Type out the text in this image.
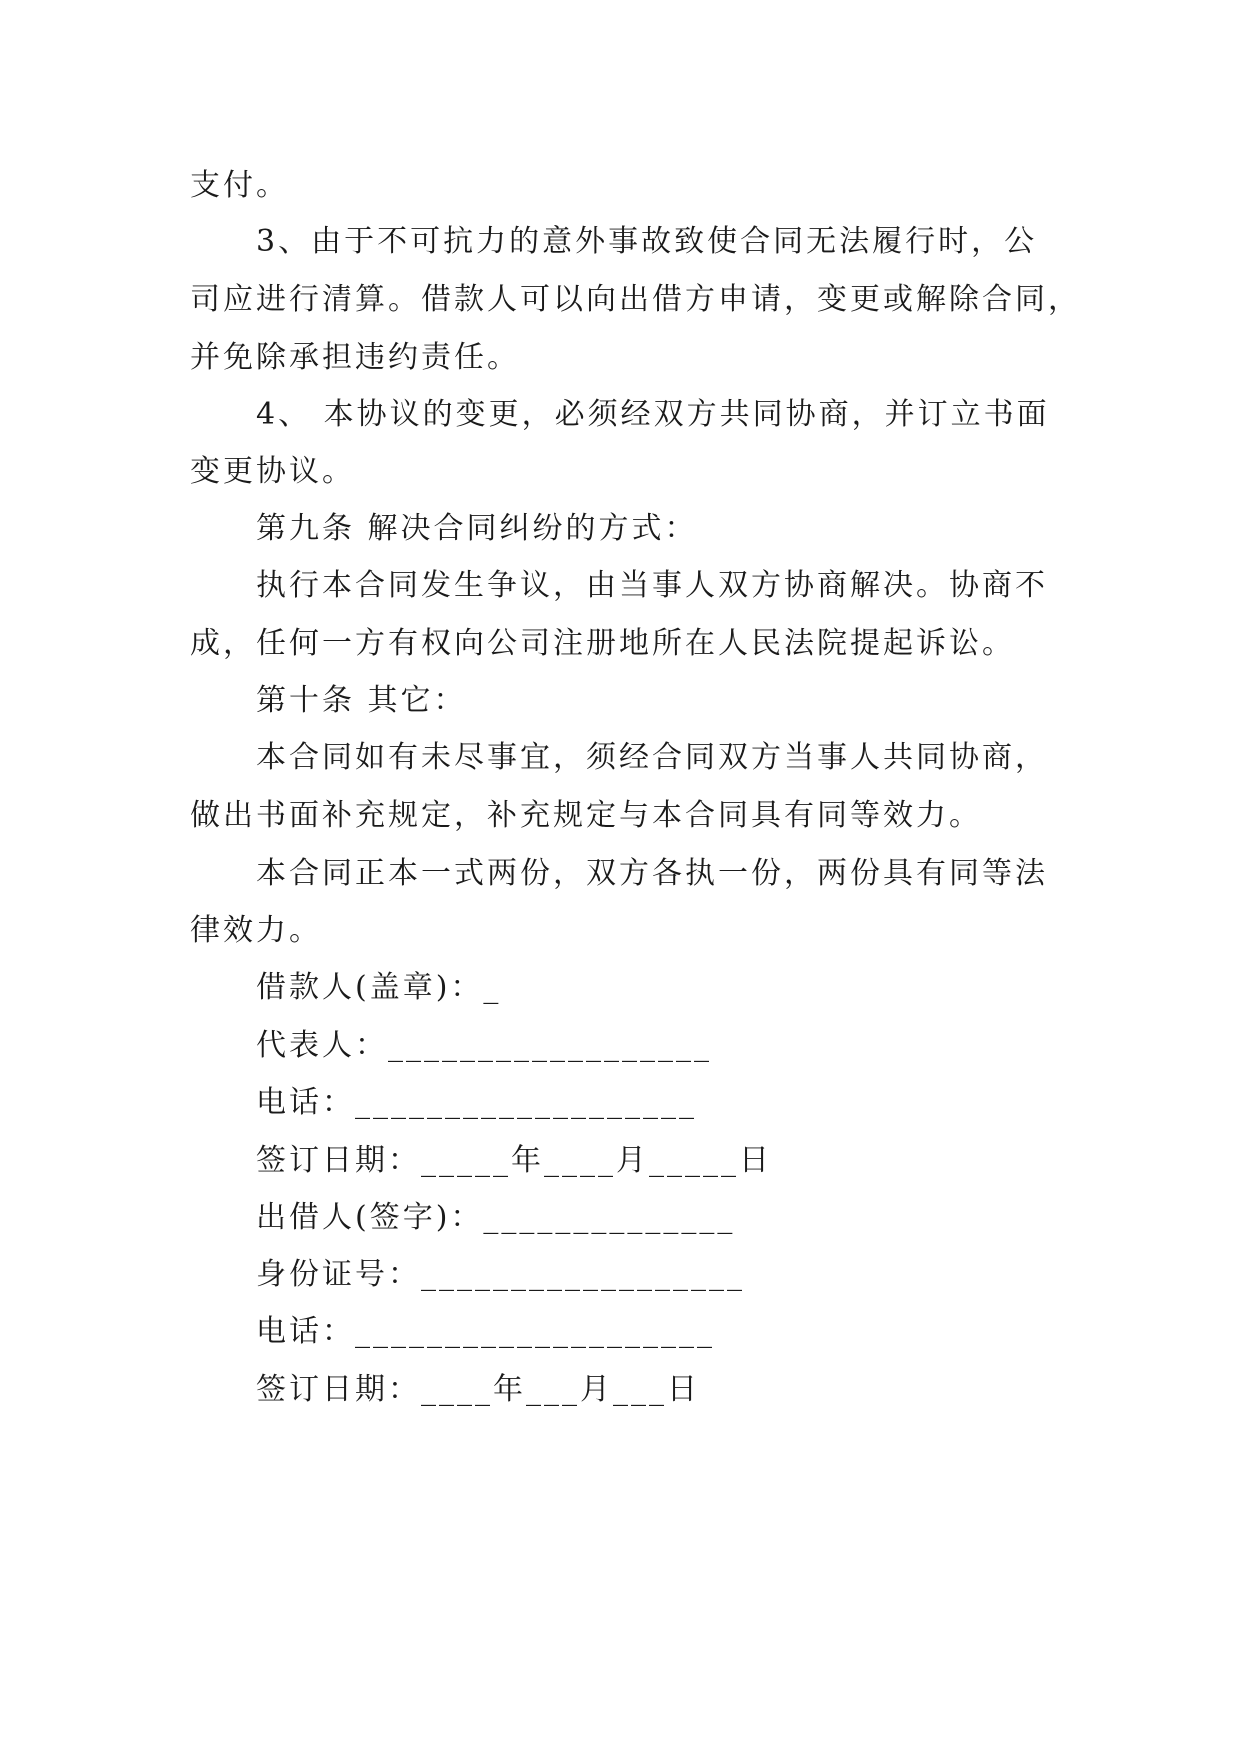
支付。
3、由于不可抗力的意外事故致使合同无法履行时，公
司应进行清算。借款人可以向出借方申请，变更或解除合同，
并免除承担违约责任。
4、 本协议的变更，必须经双方共同协商，并订立书面
变更协议。
第九条 解决合同纠纷的方式：
执行本合同发生争议，由当事人双方协商解决。协商不
成，任何一方有权向公司注册地所在人民法院提起诉讼。
第十条 其它：
本合同如有未尽事宜，须经合同双方当事人共同协商，
做出书面补充规定，补充规定与本合同具有同等效力。
本合同正本一式两份，双方各执一份，两份具有同等法
律效力。
借款人(盖章)：_
代表人：__________________
电话：___________________
签订日期：_____年____月_____日
出借人(签字)：______________
身份证号：__________________
电话：____________________
签订日期：____年___月___日
